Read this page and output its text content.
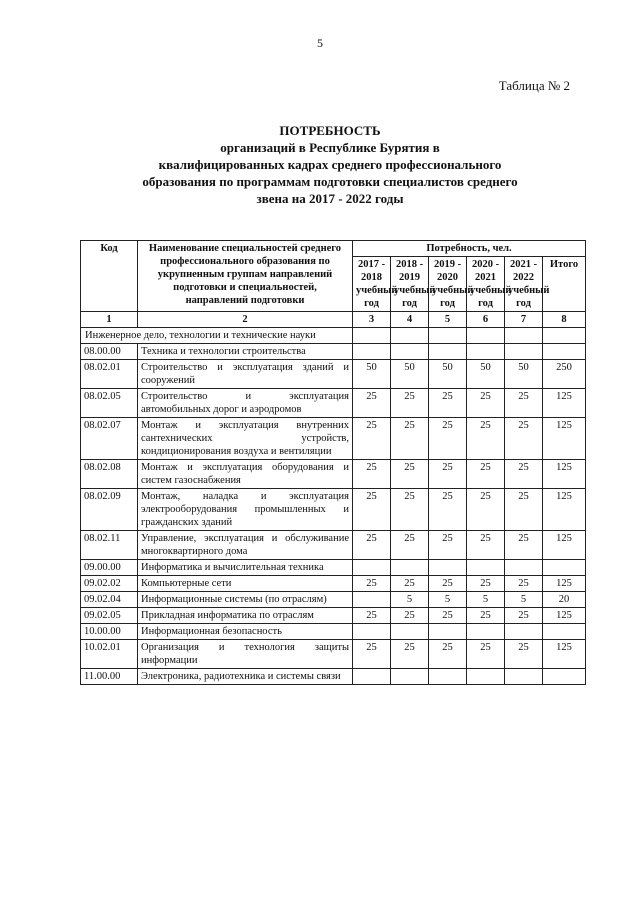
5
Таблица № 2
ПОТРЕБНОСТЬ
организаций в Республике Бурятия в
квалифицированных кадрах среднего профессионального
образования по программам подготовки специалистов среднего
звена на 2017 - 2022 годы
Код	Наименование специальностей среднего профессионального образования по укрупненным группам направлений подготовки и специальностей, направлений подготовки	Потребность, чел.					
		2017 - 2018 учебный год	2018 - 2019 учебный год	2019 - 2020 учебный год	2020 - 2021 учебный год	2021 - 2022 учебный год	Итого
1	2	3	4	5	6	7	8
Инженерное дело, технологии и технические науки							
08.00.00	Техника и технологии строительства						
08.02.01	Строительство и эксплуатация зданий и сооружений	50	50	50	50	50	250
08.02.05	Строительство и эксплуатация автомобильных дорог и аэродромов	25	25	25	25	25	125
08.02.07	Монтаж и эксплуатация внутренних сантехнических устройств, кондиционирования воздуха и вентиляции	25	25	25	25	25	125
08.02.08	Монтаж и эксплуатация оборудования и систем газоснабжения	25	25	25	25	25	125
08.02.09	Монтаж, наладка и эксплуатация электрооборудования промышленных и гражданских зданий	25	25	25	25	25	125
08.02.11	Управление, эксплуатация и обслуживание многоквартирного дома	25	25	25	25	25	125
09.00.00	Информатика и вычислительная техника						
09.02.02	Компьютерные сети	25	25	25	25	25	125
09.02.04	Информационные системы (по отраслям)		5	5	5	5	20
09.02.05	Прикладная информатика по отраслям	25	25	25	25	25	125
10.00.00	Информационная безопасность						
10.02.01	Организация и технология защиты информации	25	25	25	25	25	125
11.00.00	Электроника, радиотехника и системы связи						
